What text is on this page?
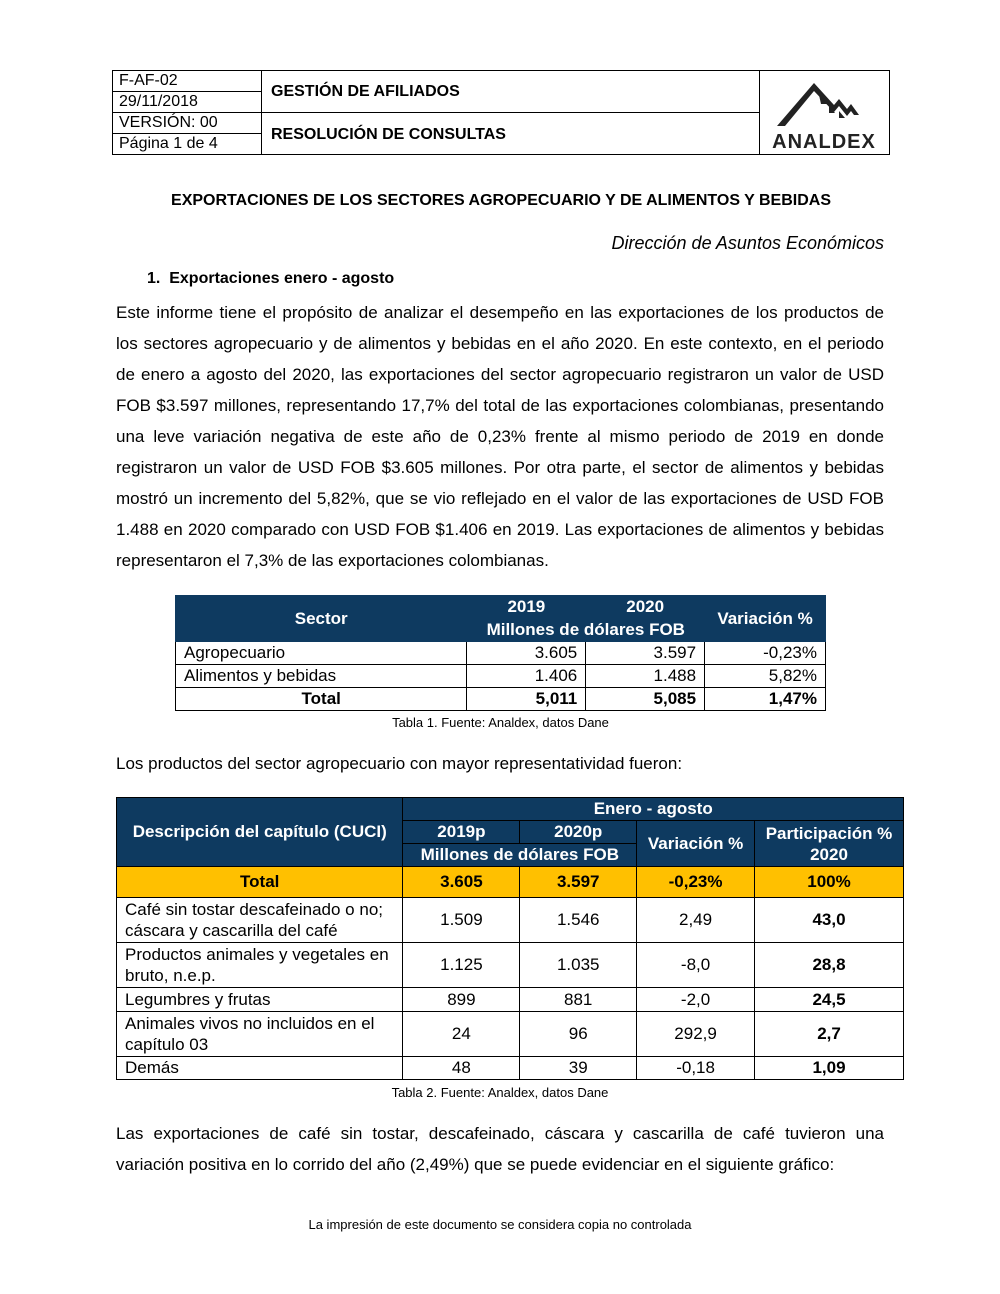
F-AF-02
29/11/2018
VERSIÓN: 00
Página 1 de 4
GESTIÓN DE AFILIADOS
RESOLUCIÓN DE CONSULTAS	ANALDEX
EXPORTACIONES DE LOS SECTORES AGROPECUARIO Y DE ALIMENTOS Y BEBIDAS
Dirección de Asuntos Económicos
1.  Exportaciones enero - agosto
Este informe tiene el propósito de analizar el desempeño en las exportaciones de los productos de los sectores agropecuario y de alimentos y bebidas en el año 2020. En este contexto, en el periodo de enero a agosto del 2020, las exportaciones del sector agropecuario registraron un valor de USD FOB $3.597 millones, representando 17,7% del total de las exportaciones colombianas, presentando una leve variación negativa de este año de 0,23% frente al mismo periodo de 2019 en donde registraron un valor de USD FOB $3.605 millones. Por otra parte, el sector de alimentos y bebidas mostró un incremento del 5,82%, que se vio reflejado en el valor de las exportaciones de USD FOB 1.488 en 2020 comparado con USD FOB $1.406 en 2019. Las exportaciones de alimentos y bebidas representaron el 7,3% de las exportaciones colombianas.
Sector	2019	2020	Variación %
	Millones de dólares FOB		
Agropecuario	3.605	3.597	-0,23%
Alimentos y bebidas	1.406	1.488	5,82%
Total	5,011	5,085	1,47%
Tabla 1. Fuente: Analdex, datos Dane
Los productos del sector agropecuario con mayor representatividad fueron:
Descripción del capítulo (CUCI)	Enero - agosto			
	2019p	2020p	Variación %	Participación % 2020
	Millones de dólares FOB			
Total	3.605	3.597	-0,23%	100%
Café sin tostar descafeinado o no; cáscara y cascarilla del café	1.509	1.546	2,49	43,0
Productos animales y vegetales en bruto, n.e.p.	1.125	1.035	-8,0	28,8
Legumbres y frutas	899	881	-2,0	24,5
Animales vivos no incluidos en el capítulo 03	24	96	292,9	2,7
Demás	48	39	-0,18	1,09
Tabla 2. Fuente: Analdex, datos Dane
Las exportaciones de café sin tostar, descafeinado, cáscara y cascarilla de café tuvieron una variación positiva en lo corrido del año (2,49%) que se puede evidenciar en el siguiente gráfico:
La impresión de este documento se considera copia no controlada
